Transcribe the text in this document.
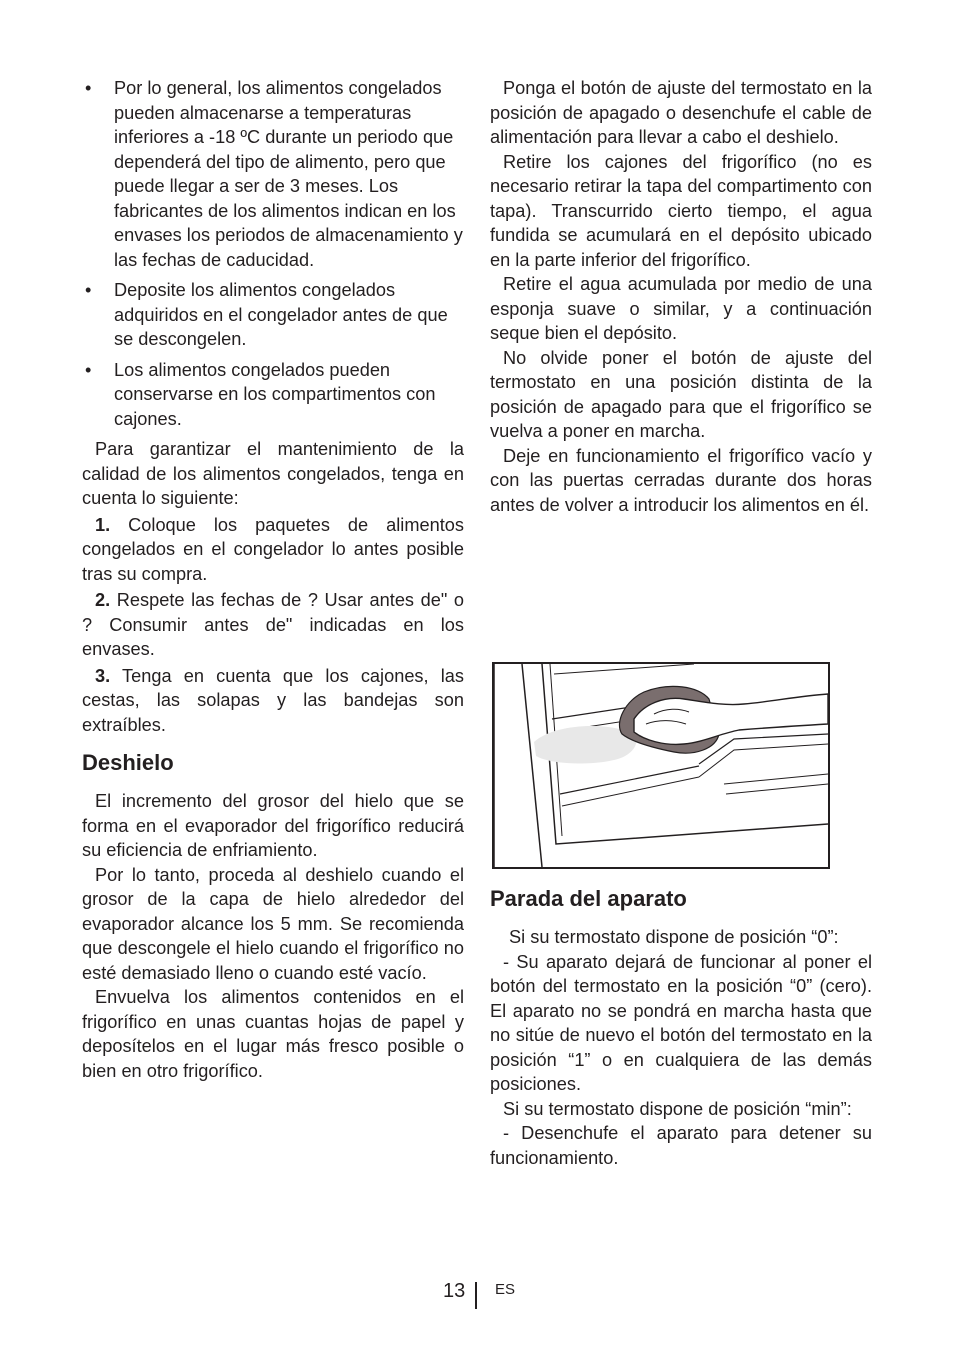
• Por lo general, los alimentos congelados pueden almacenarse a temperaturas inferiores a -18 ºC durante un periodo que dependerá del tipo de alimento, pero que puede llegar a ser de 3 meses. Los fabricantes de los alimentos indican en los envases los periodos de almacenamiento y las fechas de caducidad.
• Deposite los alimentos congelados adquiridos en el congelador antes de que se descongelen.
• Los alimentos congelados pueden conservarse en los compartimentos con cajones.

Para garantizar el mantenimiento de la calidad de los alimentos congelados, tenga en cuenta lo siguiente:

1. Coloque los paquetes de alimentos congelados en el congelador lo antes posible tras su compra.

2. Respete las fechas de ? Usar antes de" o ? Consumir antes de" indicadas en los envases.

3. Tenga en cuenta que los cajones, las cestas, las solapas y las bandejas son extraíbles.

Deshielo

El incremento del grosor del hielo que se forma en el evaporador del frigorífico reducirá su eficiencia de enfriamiento.

Por lo tanto, proceda al deshielo cuando el grosor de la capa de hielo alrededor del evaporador alcance los 5 mm. Se recomienda que descongele el hielo cuando el frigorífico no esté demasiado lleno o cuando esté vacío.

Envuelva los alimentos contenidos en el frigorífico en unas cuantas hojas de papel y deposítelos en el lugar más fresco posible o bien en otro frigorífico.

Ponga el botón de ajuste del termostato en la posición de apagado o desenchufe el cable de alimentación para llevar a cabo el deshielo.

Retire los cajones del frigorífico (no es necesario retirar la tapa del compartimento con tapa). Transcurrido cierto tiempo, el agua fundida se acumulará en el depósito ubicado en la parte inferior del frigorífico.

Retire el agua acumulada por medio de una esponja suave o similar, y a continuación seque bien el depósito.

No olvide poner el botón de ajuste del termostato en una posición distinta de la posición de apagado para que el frigorífico se vuelva a poner en marcha.

Deje en funcionamiento el frigorífico vacío y con las puertas cerradas durante dos horas antes de volver a introducir los alimentos en él.

Parada del aparato

Si su termostato dispone de posición “0”:

- Su aparato dejará de funcionar al poner el botón del termostato en la posición “0” (cero). El aparato no se pondrá en marcha hasta que no sitúe de nuevo el botón del termostato en la posición “1” o en cualquiera de las demás posiciones.

Si su termostato dispone de posición “min”:

- Desenchufe el aparato para detener su funcionamiento.

13 ES
